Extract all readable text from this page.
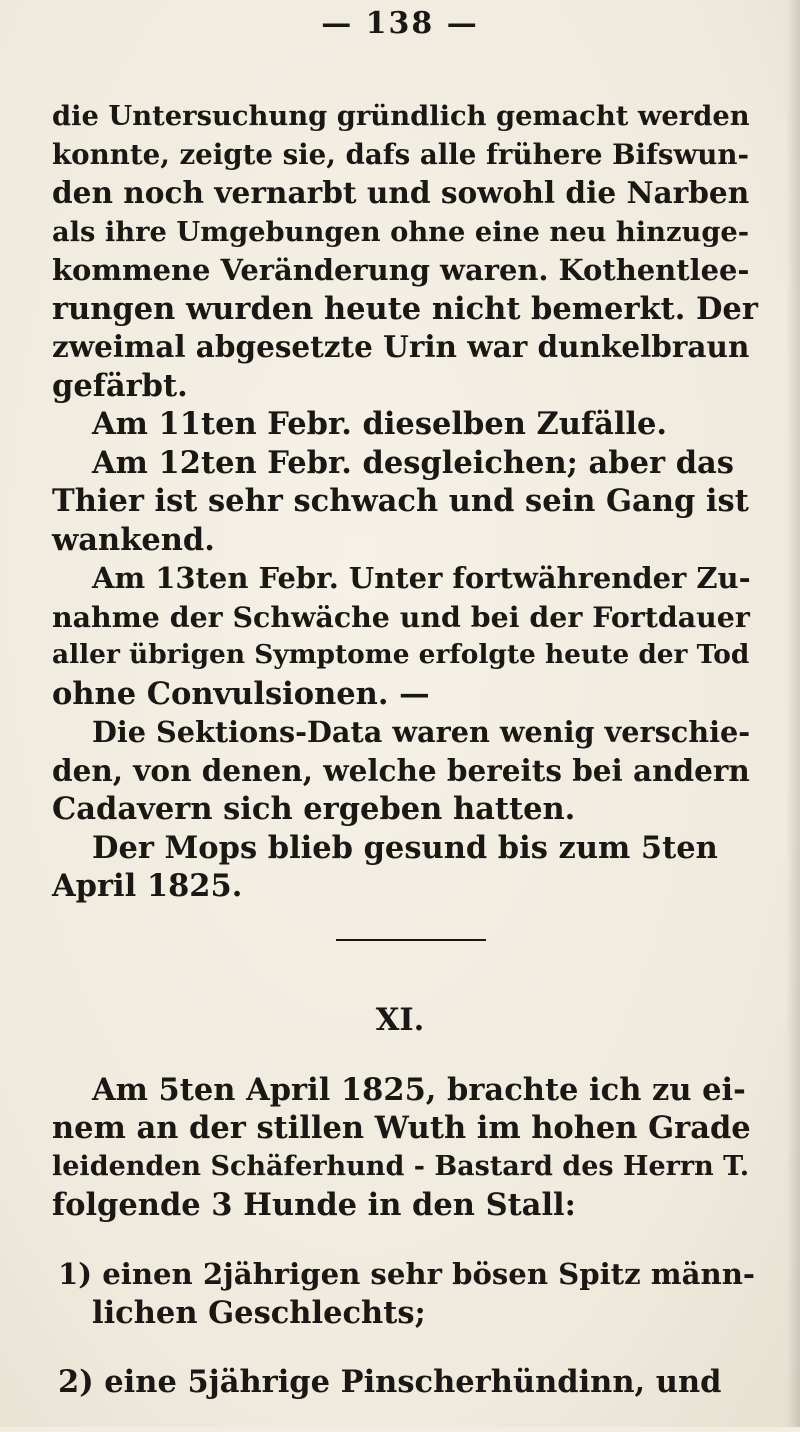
— 138 —

die Untersuchung gründlich gemacht werden
konnte, zeigte sie, dafs alle frühere Bifswun-
den noch vernarbt und sowohl die Narben
als ihre Umgebungen ohne eine neu hinzuge-
kommene Veränderung waren. Kothentlee-
rungen wurden heute nicht bemerkt. Der
zweimal abgesetzte Urin war dunkelbraun
gefärbt.

Am 11ten Febr. dieselben Zufälle.

Am 12ten Febr. desgleichen; aber das
Thier ist sehr schwach und sein Gang ist
wankend.

Am 13ten Febr. Unter fortwährender Zu-
nahme der Schwäche und bei der Fortdauer
aller übrigen Symptome erfolgte heute der Tod
ohne Convulsionen. —

Die Sektions-Data waren wenig verschie-
den, von denen, welche bereits bei andern
Cadavern sich ergeben hatten.

Der Mops blieb gesund bis zum 5ten
April 1825.

XI.

Am 5ten April 1825, brachte ich zu ei-
nem an der stillen Wuth im hohen Grade
leidenden Schäferhund - Bastard des Herrn T.
folgende 3 Hunde in den Stall:

1) einen 2jährigen sehr bösen Spitz männ-
lichen Geschlechts;

2) eine 5jährige Pinscherhündinn, und
